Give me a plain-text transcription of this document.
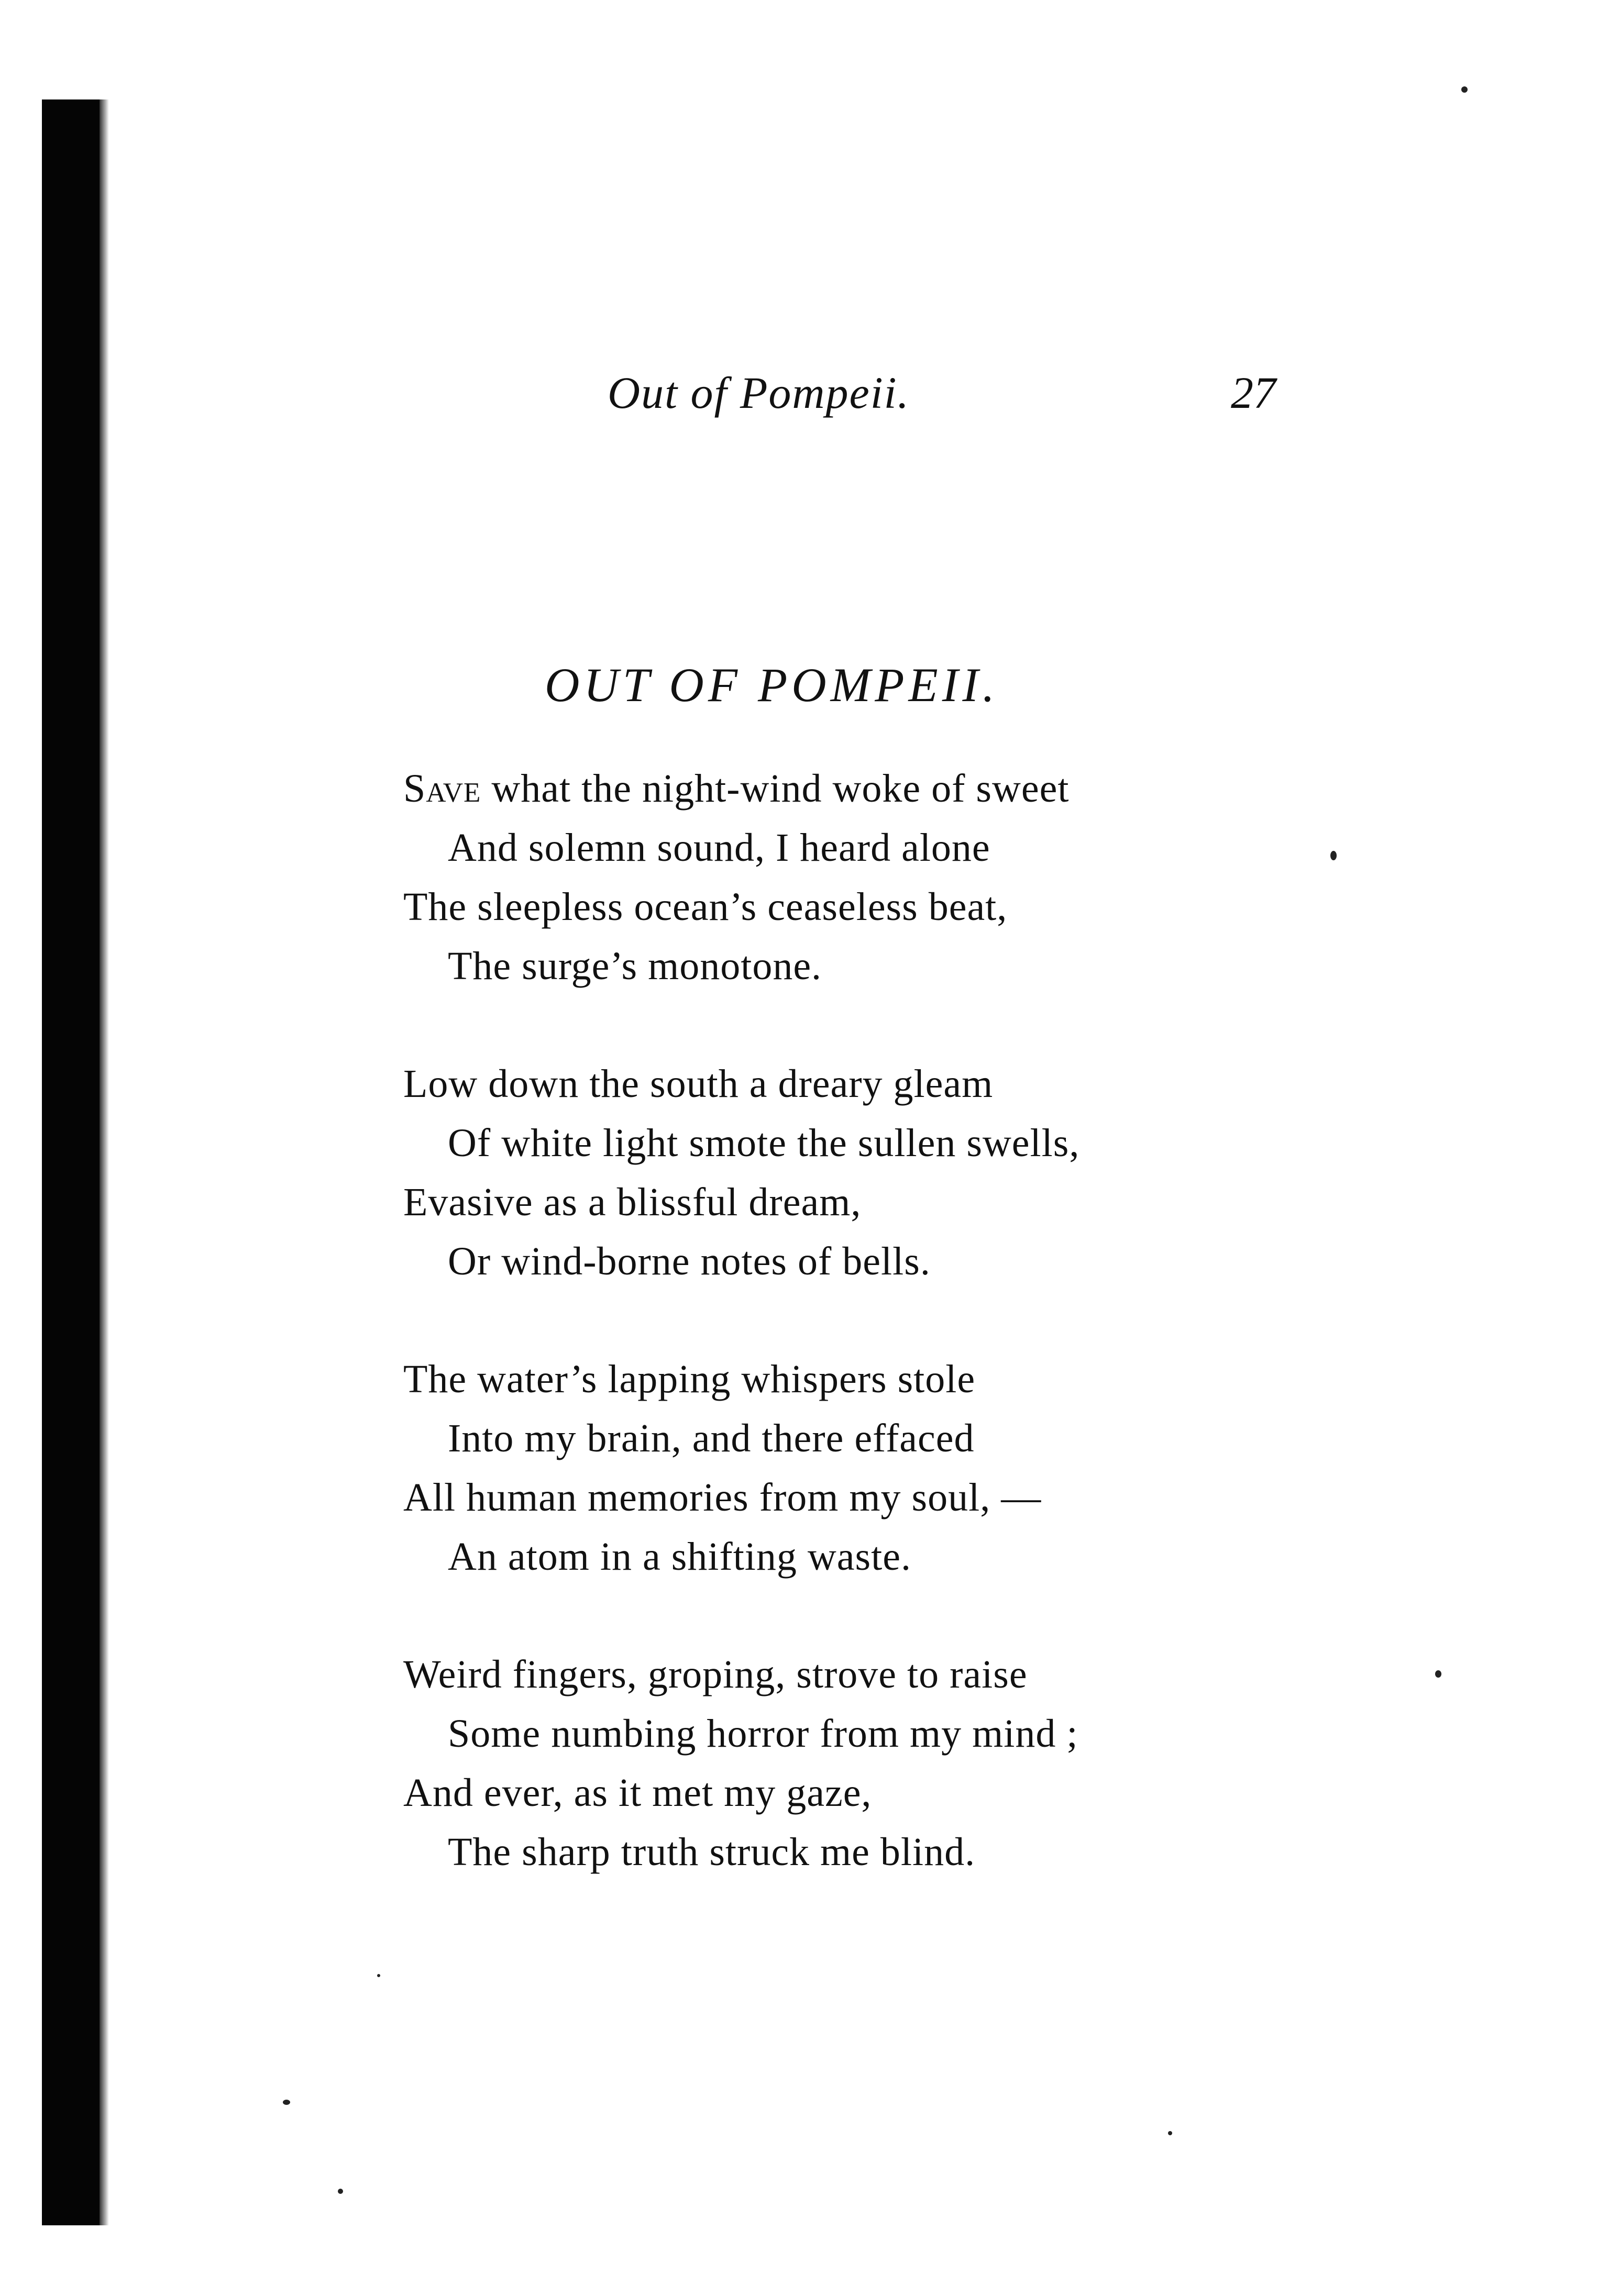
Out of Pompeii.	27
OUT OF POMPEII.
Save what the night-wind woke of sweet
And solemn sound, I heard alone
The sleepless ocean’s ceaseless beat,
The surge’s monotone.
Low down the south a dreary gleam
Of white light smote the sullen swells,
Evasive as a blissful dream,
Or wind-borne notes of bells.
The water’s lapping whispers stole
Into my brain, and there effaced
All human memories from my soul, —
An atom in a shifting waste.
Weird fingers, groping, strove to raise
Some numbing horror from my mind ;
And ever, as it met my gaze,
The sharp truth struck me blind.
